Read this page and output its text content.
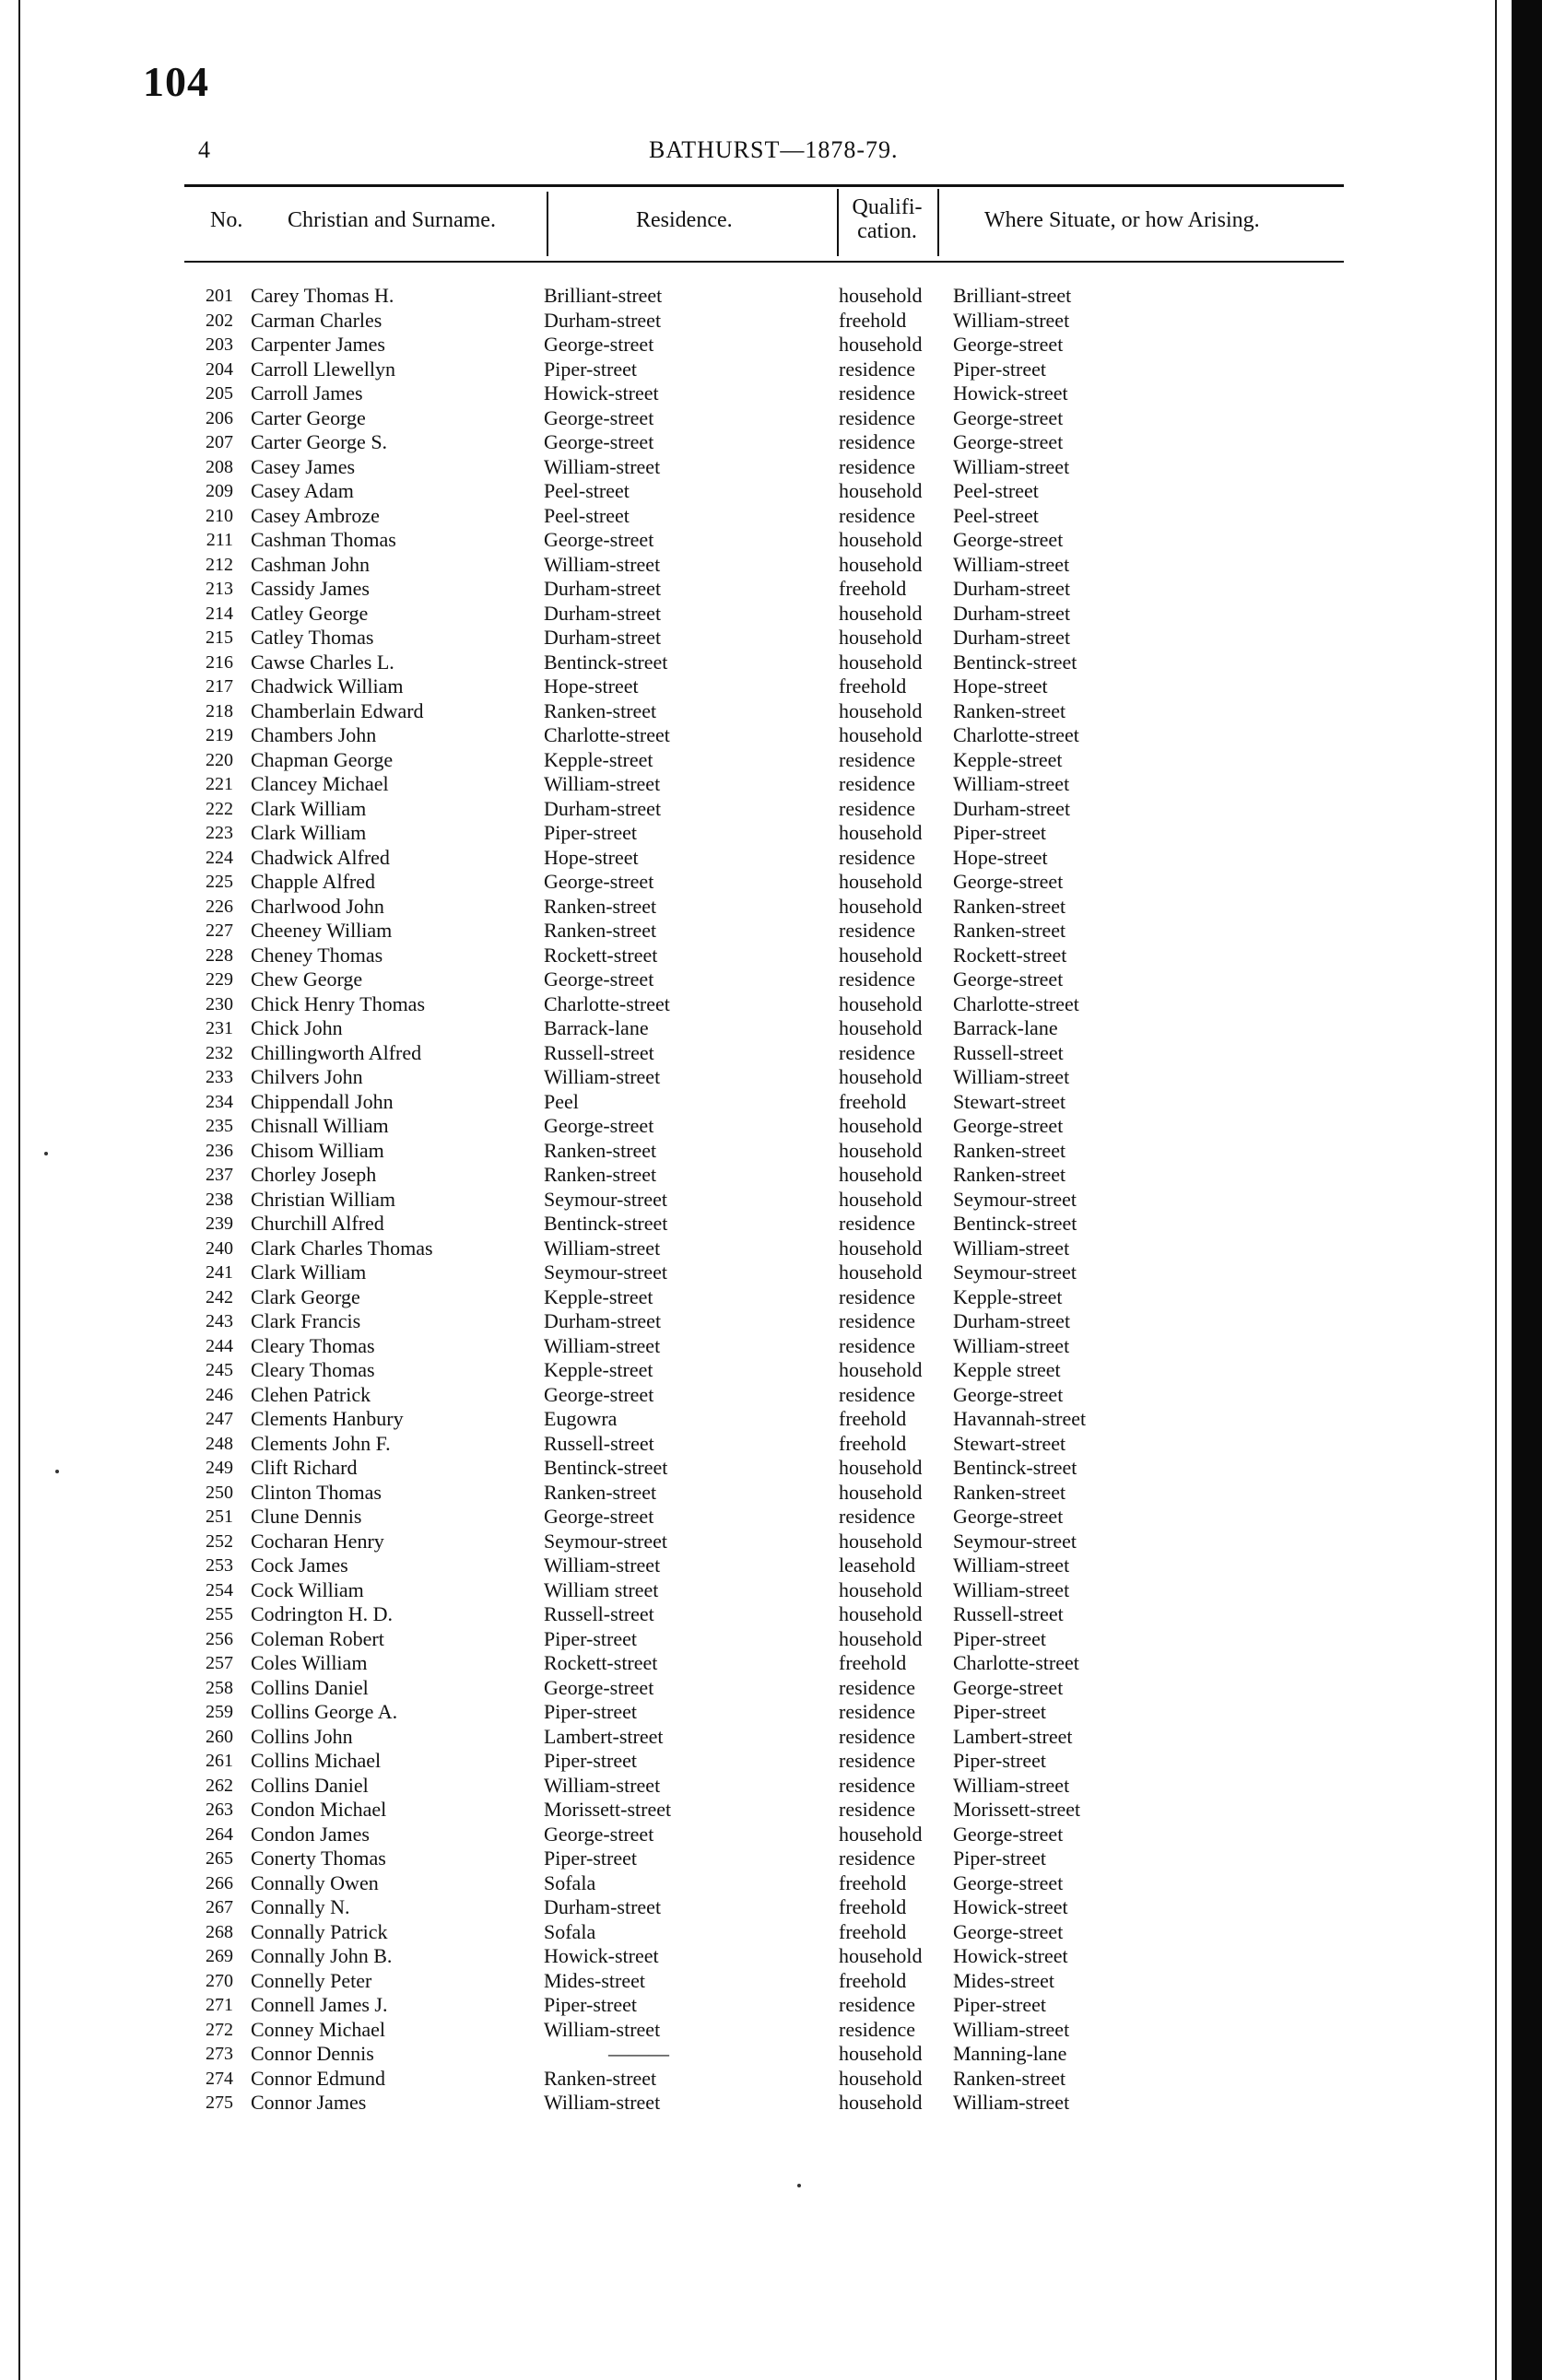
104
4	BATHURST—1878-79.
No. Christian and Surname.	Residence.
Qualifi-
cation.	Where Situate, or how Arising.
201 Carey Thomas H.	Brilliant-street	household Brilliant-street
202 Carman Charles	Durham-street	freehold William-street
203 Carpenter James	George-street	household George-street
204 Carroll Llewellyn	Piper-street	residence Piper-street
205 Carroll James	Howick-street	residence Howick-street
206 Carter George	George-street	residence George-street
207 Carter George S.	George-street	residence George-street
208 Casey James	William-street	residence William-street
209 Casey Adam	Peel-street	household Peel-street
210 Casey Ambroze	Peel-street	residence Peel-street
211 Cashman Thomas	George-street	household George-street
212 Cashman John	William-street	household William-street
213 Cassidy James	Durham-street	freehold Durham-street
214 Catley George	Durham-street	household Durham-street
215 Catley Thomas	Durham-street	household Durham-street
216 Cawse Charles L.	Bentinck-street	household Bentinck-street
217 Chadwick William	Hope-street	freehold Hope-street
218 Chamberlain Edward	Ranken-street	household Ranken-street
219 Chambers John	Charlotte-street	household Charlotte-street
220 Chapman George	Kepple-street	residence Kepple-street
221 Clancey Michael	William-street	residence William-street
222 Clark William	Durham-street	residence Durham-street
223 Clark William	Piper-street	household Piper-street
224 Chadwick Alfred	Hope-street	residence Hope-street
225 Chapple Alfred	George-street	household George-street
226 Charlwood John	Ranken-street	household Ranken-street
227 Cheeney William	Ranken-street	residence Ranken-street
228 Cheney Thomas	Rockett-street	household Rockett-street
229 Chew George	George-street	residence George-street
230 Chick Henry Thomas	Charlotte-street	household Charlotte-street
231 Chick John	Barrack-lane	household Barrack-lane
232 Chillingworth Alfred	Russell-street	residence Russell-street
233 Chilvers John	William-street	household William-street
234 Chippendall John	Peel	freehold Stewart-street
235 Chisnall William	George-street	household George-street
236 Chisom William	Ranken-street	household Ranken-street
237 Chorley Joseph	Ranken-street	household Ranken-street
238 Christian William	Seymour-street	household Seymour-street
239 Churchill Alfred	Bentinck-street	residence Bentinck-street
240 Clark Charles Thomas	William-street	household William-street
241 Clark William	Seymour-street	household Seymour-street
242 Clark George	Kepple-street	residence Kepple-street
243 Clark Francis	Durham-street	residence Durham-street
244 Cleary Thomas	William-street	residence William-street
245 Cleary Thomas	Kepple-street	household Kepple street
246 Clehen Patrick	George-street	residence George-street
247 Clements Hanbury	Eugowra	freehold Havannah-street
248 Clements John F.	Russell-street	freehold Stewart-street
249 Clift Richard	Bentinck-street	household Bentinck-street
250 Clinton Thomas	Ranken-street	household Ranken-street
251 Clune Dennis	George-street	residence George-street
252 Cocharan Henry	Seymour-street	household Seymour-street
253 Cock James	William-street	leasehold William-street
254 Cock William	William street	household William-street
255 Codrington H. D.	Russell-street	household Russell-street
256 Coleman Robert	Piper-street	household Piper-street
257 Coles William	Rockett-street	freehold Charlotte-street
258 Collins Daniel	George-street	residence George-street
259 Collins George A.	Piper-street	residence Piper-street
260 Collins John	Lambert-street	residence Lambert-street
261 Collins Michael	Piper-street	residence Piper-street
262 Collins Daniel	William-street	residence William-street
263 Condon Michael	Morissett-street	residence Morissett-street
264 Condon James	George-street	household George-street
265 Conerty Thomas	Piper-street	residence Piper-street
266 Connally Owen	Sofala	freehold George-street
267 Connally N.	Durham-street	freehold Howick-street
268 Connally Patrick	Sofala	freehold George-street
269 Connally John B.	Howick-street	household Howick-street
270 Connelly Peter	Mides-street	freehold Mides-street
271 Connell James J.	Piper-street	residence Piper-street
272 Conney Michael	William-street	residence William-street
273 Connor Dennis	———	household Manning-lane
274 Connor Edmund	Ranken-street	household Ranken-street
275 Connor James	William-street	household William-street
